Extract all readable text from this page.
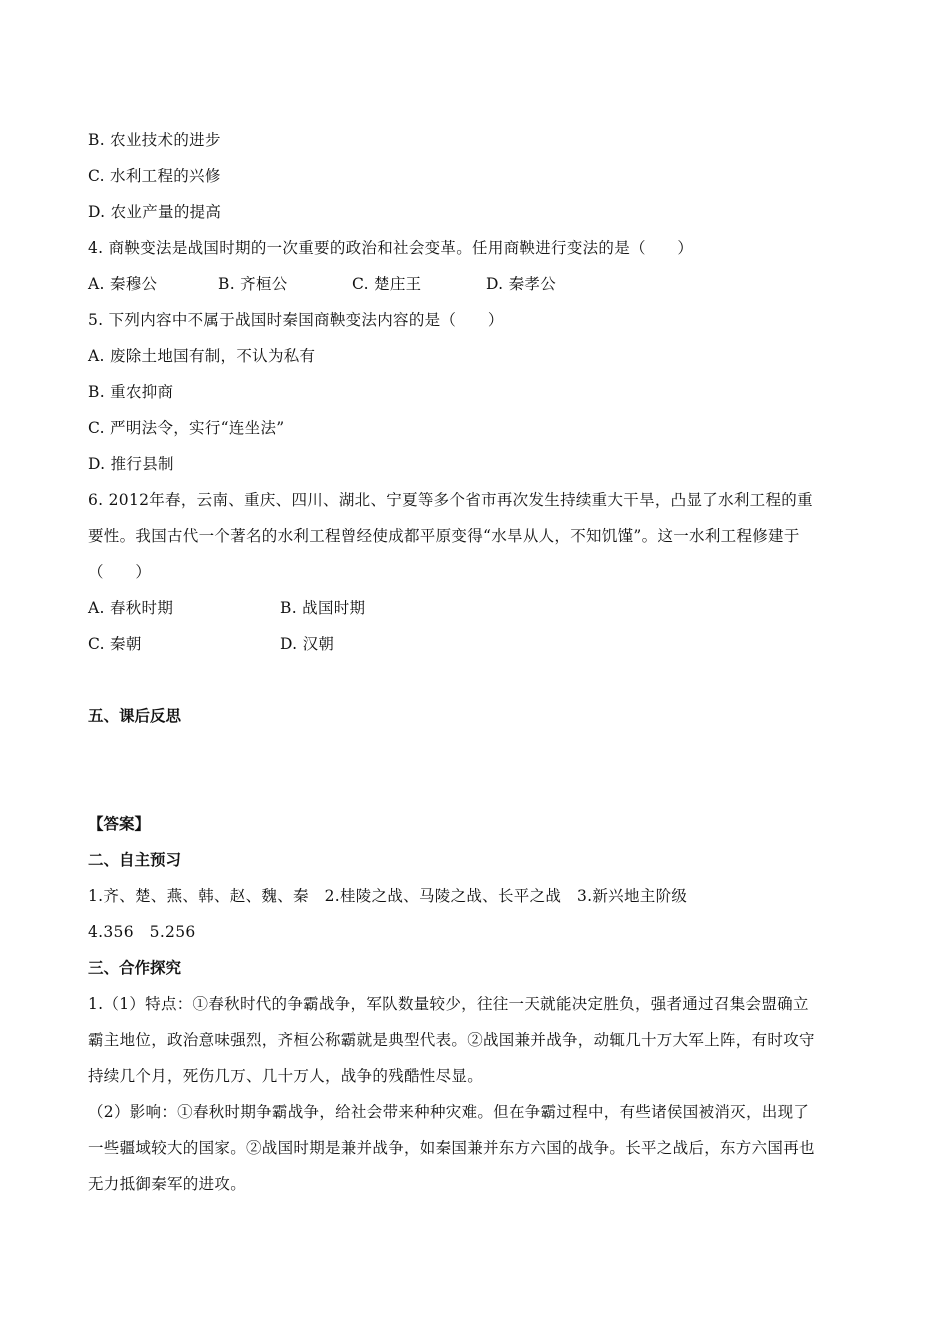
B. 农业技术的进步
C. 水利工程的兴修
D. 农业产量的提高
4. 商鞅变法是战国时期的一次重要的政治和社会变革。任用商鞅进行变法的是（　　）
A. 秦穆公	B. 齐桓公	C. 楚庄王	D. 秦孝公
5. 下列内容中不属于战国时秦国商鞅变法内容的是（　　）
A. 废除土地国有制，不认为私有
B. 重农抑商
C. 严明法令，实行“连坐法”
D. 推行县制
6. 2012年春，云南、重庆、四川、湖北、宁夏等多个省市再次发生持续重大干旱，凸显了水利工程的重
要性。我国古代一个著名的水利工程曾经使成都平原变得“水旱从人，不知饥馑”。这一水利工程修建于
（　　）
A. 春秋时期	B. 战国时期
C. 秦朝	D. 汉朝
五、课后反思
【答案】
二、自主预习
1.齐、楚、燕、韩、赵、魏、秦　2.桂陵之战、马陵之战、长平之战　3.新兴地主阶级
4.356　5.256
三、合作探究
1.（1）特点：①春秋时代的争霸战争，军队数量较少，往往一天就能决定胜负，强者通过召集会盟确立
霸主地位，政治意味强烈，齐桓公称霸就是典型代表。②战国兼并战争，动辄几十万大军上阵，有时攻守
持续几个月，死伤几万、几十万人，战争的残酷性尽显。
（2）影响：①春秋时期争霸战争，给社会带来种种灾难。但在争霸过程中，有些诸侯国被消灭，出现了
一些疆域较大的国家。②战国时期是兼并战争，如秦国兼并东方六国的战争。长平之战后，东方六国再也
无力抵御秦军的进攻。
